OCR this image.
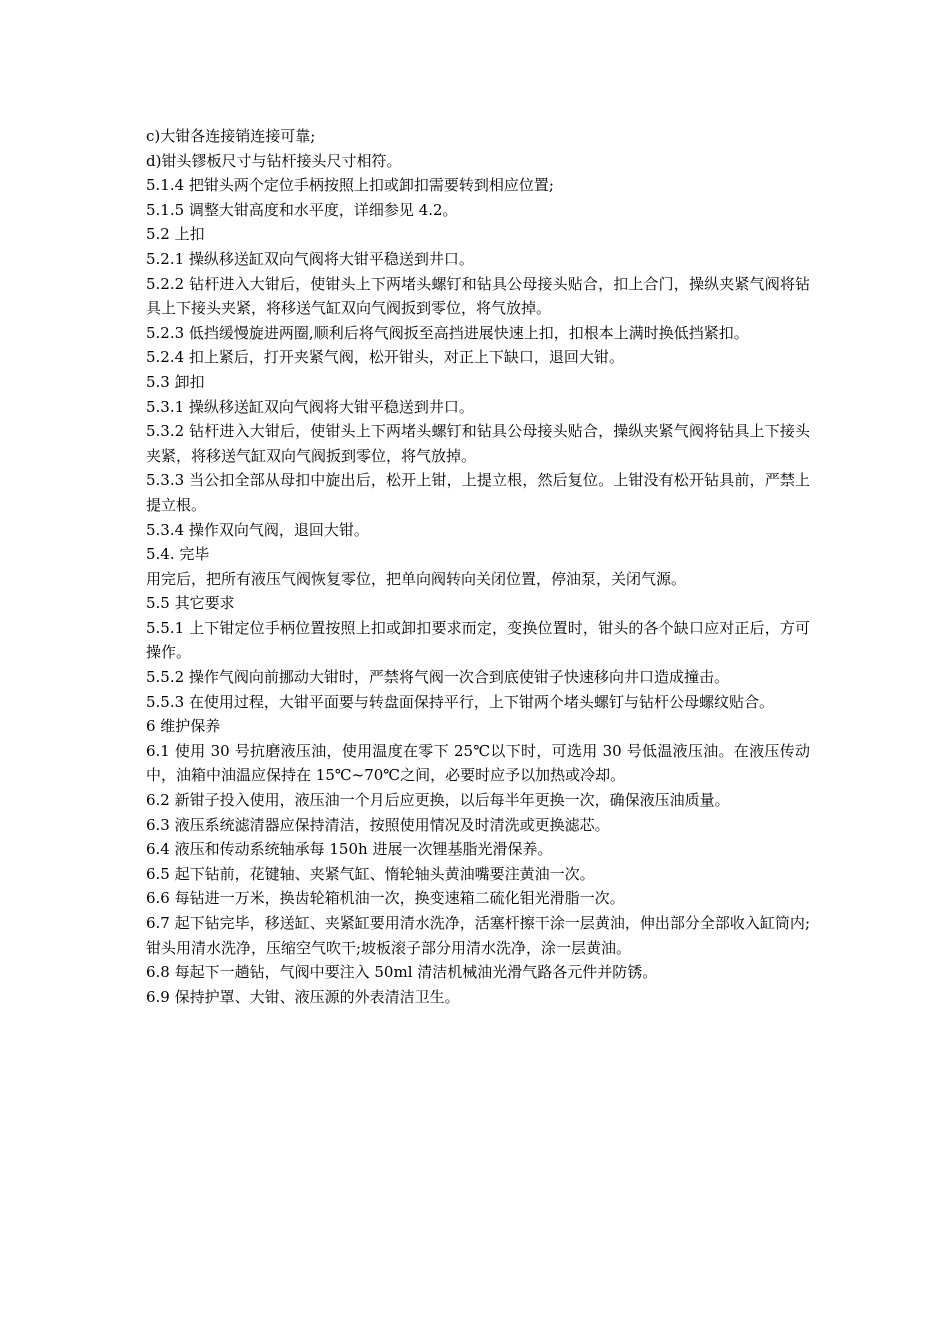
c)大钳各连接销连接可靠;

d)钳头镠板尺寸与钻杆接头尺寸相符。

5.1.4 把钳头两个定位手柄按照上扣或卸扣需要转到相应位置;

5.1.5 调整大钳高度和水平度，详细参见 4.2。

5.2 上扣

5.2.1 操纵移送缸双向气阀将大钳平稳送到井口。

5.2.2 钻杆进入大钳后，使钳头上下两堵头螺钉和钻具公母接头贴合，扣上合门，操纵夹紧气阀将钻具上下接头夹紧，将移送气缸双向气阀扳到零位，将气放掉。

5.2.3 低挡缓慢旋进两圈,顺利后将气阀扳至高挡进展快速上扣，扣根本上满时换低挡紧扣。

5.2.4 扣上紧后，打开夹紧气阀，松开钳头，对正上下缺口，退回大钳。

5.3 卸扣

5.3.1 操纵移送缸双向气阀将大钳平稳送到井口。

5.3.2 钻杆进入大钳后，使钳头上下两堵头螺钉和钻具公母接头贴合，操纵夹紧气阀将钻具上下接头夹紧，将移送气缸双向气阀扳到零位，将气放掉。

5.3.3 当公扣全部从母扣中旋出后，松开上钳，上提立根，然后复位。上钳没有松开钻具前，严禁上提立根。

5.3.4 操作双向气阀，退回大钳。

5.4. 完毕

用完后，把所有液压气阀恢复零位，把单向阀转向关闭位置，停油泵，关闭气源。

5.5 其它要求

5.5.1 上下钳定位手柄位置按照上扣或卸扣要求而定，变换位置时，钳头的各个缺口应对正后，方可操作。

5.5.2 操作气阀向前挪动大钳时，严禁将气阀一次合到底使钳子快速移向井口造成撞击。

5.5.3 在使用过程，大钳平面要与转盘面保持平行，上下钳两个堵头螺钉与钻杆公母螺纹贴合。

6 维护保养

6.1 使用 30 号抗磨液压油，使用温度在零下 25℃以下时，可选用 30 号低温液压油。在液压传动中，油箱中油温应保持在 15℃~70℃之间，必要时应予以加热或冷却。

6.2 新钳子投入使用，液压油一个月后应更换，以后每半年更换一次，确保液压油质量。

6.3 液压系统滤清器应保持清洁，按照使用情况及时清洗或更换滤芯。

6.4 液压和传动系统轴承每 150h 进展一次锂基脂光滑保养。

6.5 起下钻前，花键轴、夹紧气缸、惰轮轴头黄油嘴要注黄油一次。

6.6 每钻进一万米，换齿轮箱机油一次，换变速箱二硫化钼光滑脂一次。

6.7 起下钻完毕，移送缸、夹紧缸要用清水洗净，活塞杆擦干涂一层黄油，伸出部分全部收入缸筒内;钳头用清水洗净，压缩空气吹干;坡板滚子部分用清水洗净，涂一层黄油。

6.8 每起下一趟钻，气阀中要注入 50ml 清洁机械油光滑气路各元件并防锈。

6.9 保持护罩、大钳、液压源的外表清洁卫生。
